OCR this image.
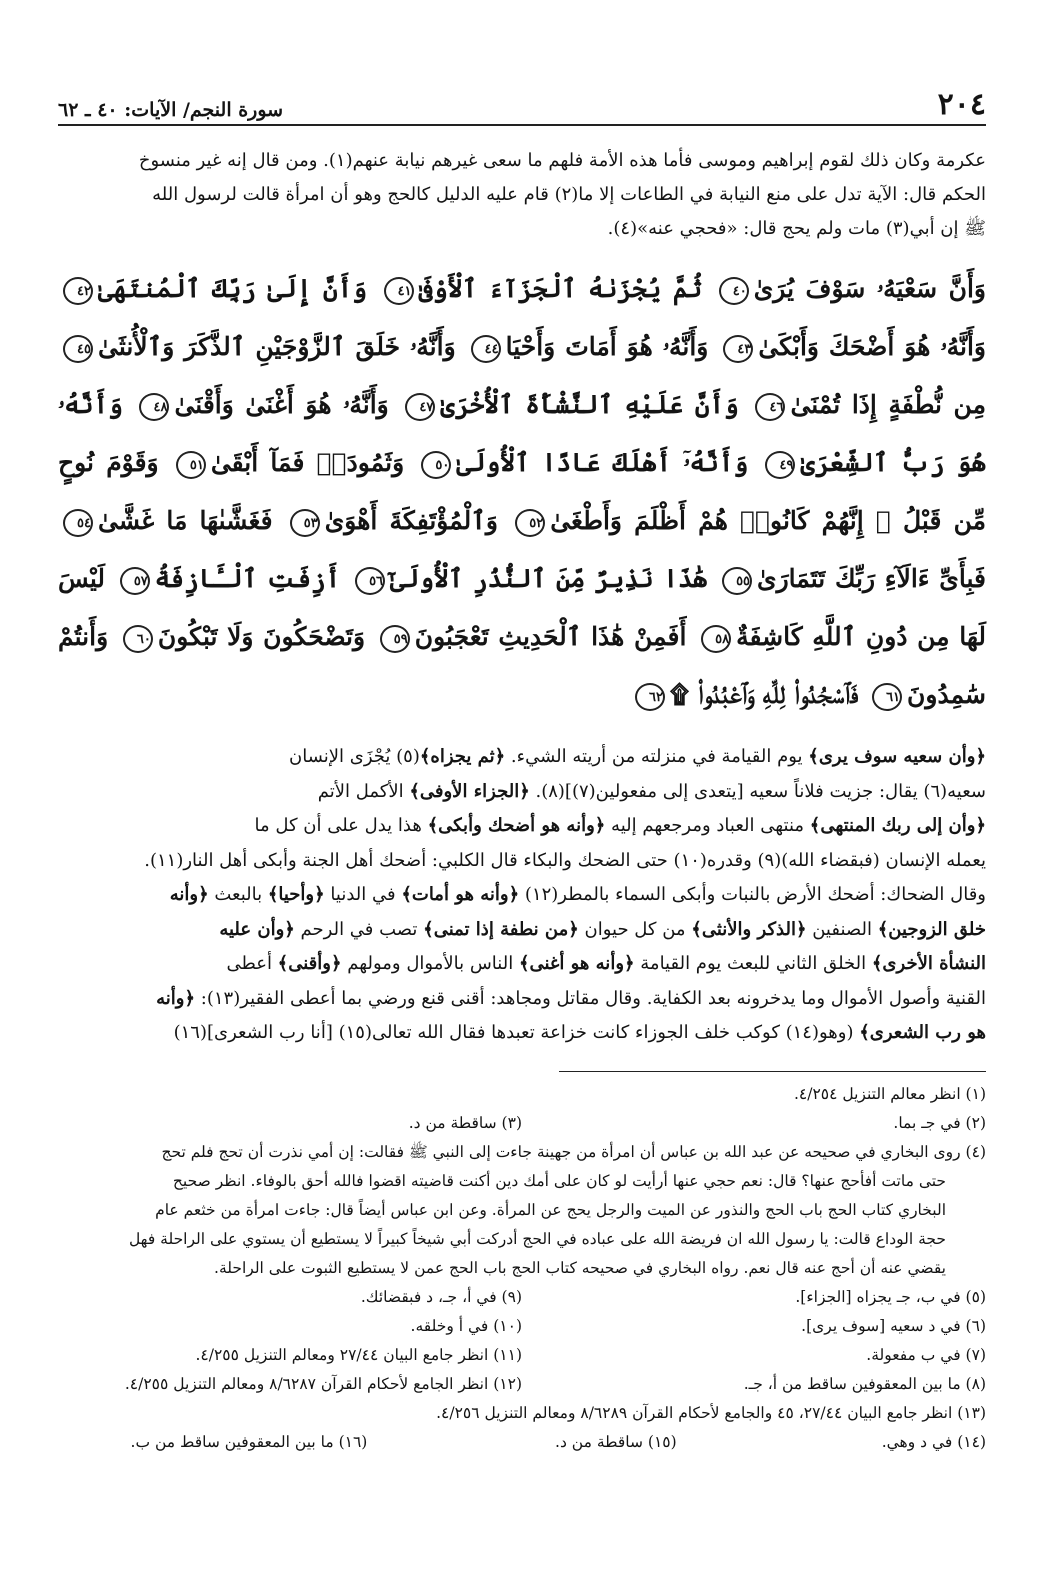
٢٠٤
سورة النجم/ الآيات: ٤٠ ـ ٦٢

عكرمة وكان ذلك لقوم إبراهيم وموسى فأما هذه الأمة فلهم ما سعى غيرهم نيابة عنهم(١). ومن قال إنه غير منسوخ

الحكم قال: الآية تدل على منع النيابة في الطاعات إلا ما(٢) قام عليه الدليل كالحج وهو أن امرأة قالت لرسول الله

ﷺ إن أبي(٣) مات ولم يحج قال: «فحجي عنه»(٤).

وَأَنَّ سَعْيَهُۥ سَوْفَ يُرَىٰ٤٠ ثُمَّ يُجْزَىٰهُ ٱلْجَزَآءَ ٱلْأَوْفَىٰ٤١ وَأَنَّ إِلَىٰ رَبِّكَ ٱلْمُنتَهَىٰ٤٢ وَأَنَّهُۥ هُوَ أَضْحَكَ وَأَبْكَىٰ٤٣ وَأَنَّهُۥ هُوَ أَمَاتَ وَأَحْيَا٤٤ وَأَنَّهُۥ خَلَقَ ٱلزَّوْجَيْنِ ٱلذَّكَرَ وَٱلْأُنثَىٰ٤٥ مِن نُّطْفَةٍ إِذَا تُمْنَىٰ٤٦ وَأَنَّ عَلَيْهِ ٱلنَّشْأَةَ ٱلْأُخْرَىٰ٤٧ وَأَنَّهُۥ هُوَ أَغْنَىٰ وَأَقْنَىٰ٤٨ وَأَنَّهُۥ هُوَ رَبُّ ٱلشِّعْرَىٰ٤٩ وَأَنَّهُۥٓ أَهْلَكَ عَادًا ٱلْأُولَىٰ٥٠ وَثَمُودَا۟ فَمَآ أَبْقَىٰ٥١ وَقَوْمَ نُوحٍ مِّن قَبْلُ ۖ إِنَّهُمْ كَانُوا۟ هُمْ أَظْلَمَ وَأَطْغَىٰ٥٢ وَٱلْمُؤْتَفِكَةَ أَهْوَىٰ٥٣ فَغَشَّىٰهَا مَا غَشَّىٰ٥٤ فَبِأَىِّ ءَالَآءِ رَبِّكَ تَتَمَارَىٰ٥٥ هَٰذَا نَذِيرٌ مِّنَ ٱلنُّذُرِ ٱلْأُولَىٰٓ٥٦ أَزِفَتِ ٱلْـَٔازِفَةُ٥٧ لَيْسَ لَهَا مِن دُونِ ٱللَّهِ كَاشِفَةٌ٥٨ أَفَمِنْ هَٰذَا ٱلْحَدِيثِ تَعْجَبُونَ٥٩ وَتَضْحَكُونَ وَلَا تَبْكُونَ٦٠ وَأَنتُمْ سَٰمِدُونَ٦١ فَٱسْجُدُوا۟ لِلَّهِ وَٱعْبُدُوا۟ ۩٦٢

﴿وأن سعيه سوف يرى﴾ يوم القيامة في منزلته من أريته الشيء. ﴿ثم يجزاه﴾(٥) يُجْزَى الإنسان

سعيه(٦) يقال: جزيت فلاناً سعيه [يتعدى إلى مفعولين(٧)](٨). ﴿الجزاء الأوفى﴾ الأكمل الأتم

﴿وأن إلى ربك المنتهى﴾ منتهى العباد ومرجعهم إليه ﴿وأنه هو أضحك وأبكى﴾ هذا يدل على أن كل ما

يعمله الإنسان (فبقضاء الله)(٩) وقدره(١٠) حتى الضحك والبكاء قال الكلبي: أضحك أهل الجنة وأبكى أهل النار(١١).

وقال الضحاك: أضحك الأرض بالنبات وأبكى السماء بالمطر(١٢) ﴿وأنه هو أمات﴾ في الدنيا ﴿وأحيا﴾ بالبعث ﴿وأنه

خلق الزوجين﴾ الصنفين ﴿الذكر والأنثى﴾ من كل حيوان ﴿من نطفة إذا تمنى﴾ تصب في الرحم ﴿وأن عليه

النشأة الأخرى﴾ الخلق الثاني للبعث يوم القيامة ﴿وأنه هو أغنى﴾ الناس بالأموال ومولهم ﴿وأقنى﴾ أعطى

القنية وأصول الأموال وما يدخرونه بعد الكفاية. وقال مقاتل ومجاهد: أقنى قنع ورضي بما أعطى الفقير(١٣): ﴿وأنه

هو رب الشعرى﴾ (وهو(١٤) كوكب خلف الجوزاء كانت خزاعة تعبدها فقال الله تعالى(١٥) [أنا رب الشعرى](١٦)

(١) انظر معالم التنزيل ٤/٢٥٤.

(٢) في جـ بما.
(٣) ساقطة من د.

(٤) روى البخاري في صحيحه عن عبد الله بن عباس أن امرأة من جهينة جاءت إلى النبي ﷺ فقالت: إن أمي نذرت أن تحج فلم تحج

حتى ماتت أفأحج عنها؟ قال: نعم حجي عنها أرأيت لو كان على أمك دين أكنت قاضيته اقضوا فالله أحق بالوفاء. انظر صحيح

البخاري كتاب الحج باب الحج والنذور عن الميت والرجل يحج عن المرأة. وعن ابن عباس أيضاً قال: جاءت امرأة من خثعم عام

حجة الوداع قالت: يا رسول الله ان فريضة الله على عباده في الحج أدركت أبي شيخاً كبيراً لا يستطيع أن يستوي على الراحلة فهل

يقضي عنه أن أحج عنه قال نعم. رواه البخاري في صحيحه كتاب الحج باب الحج عمن لا يستطيع الثبوت على الراحلة.

(٥) في ب، جـ يجزاه [الجزاء].
(٩) في أ، جـ، د فبقضائك.
(٦) في د سعيه [سوف يرى].
(١٠) في أ وخلقه.
(٧) في ب مفعولة.
(١١) انظر جامع البيان ٢٧/٤٤ ومعالم التنزيل ٤/٢٥٥.
(٨) ما بين المعقوفين ساقط من أ، جـ.
(١٢) انظر الجامع لأحكام القرآن ٨/٦٢٨٧ ومعالم التنزيل ٤/٢٥٥.

(١٣) انظر جامع البيان ٢٧/٤٤، ٤٥ والجامع لأحكام القرآن ٨/٦٢٨٩ ومعالم التنزيل ٤/٢٥٦.

(١٤) في د وهي.
(١٥) ساقطة من د.
(١٦) ما بين المعقوفين ساقط من ب.
